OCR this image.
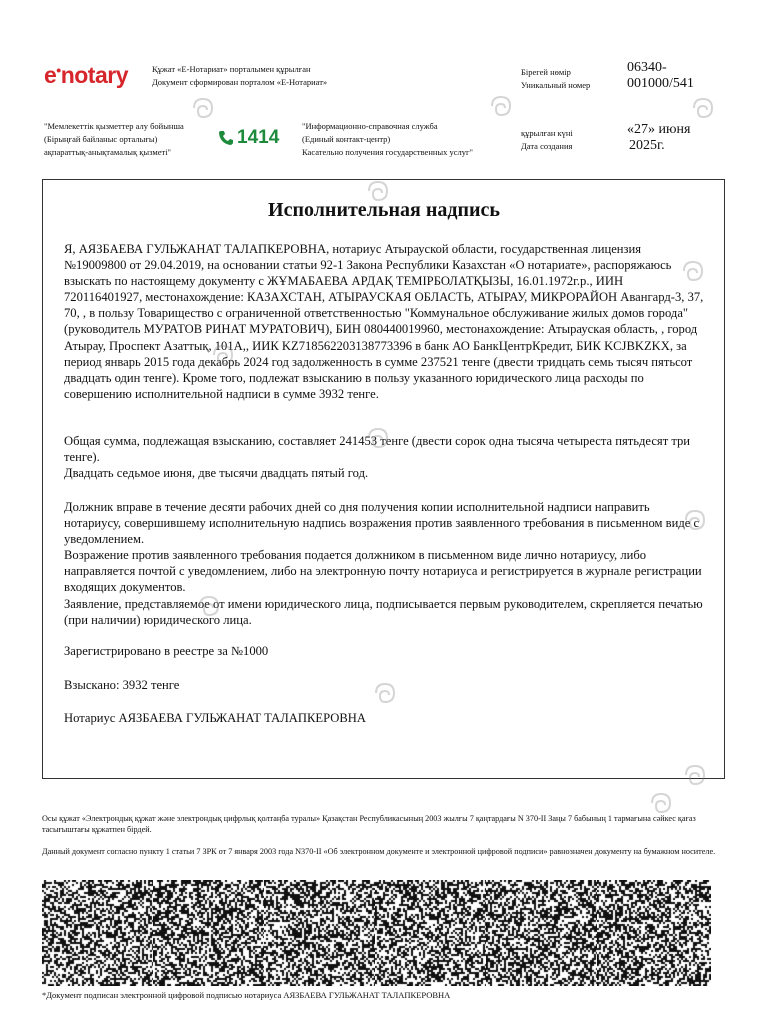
e•notary	Құжат «Е-Нотариат» порталымен құрылған
Документ сформирован порталом «Е-Нотариат»
Бірегей нөмір
Уникальный номер
06340-
001000/541
"Мемлекеттік қызметтер алу бойынша
(Бірыңғай байланыс орталығы)
ақпараттық-анықтамалық қызметі"
1414
"Информационно-справочная служба
(Единый контакт-центр)
Касательно получения государственных услуг"
құрылған күні
Дата создания
«27» июня
2025г.
Исполнительная надпись

Я, АЯЗБАЕВА ГУЛЬЖАНАТ ТАЛАПКЕРОВНА, нотариус Атырауской области, государственная лицензия №19009800 от 29.04.2019, на основании статьи 92-1 Закона Республики Казахстан «О нотариате», распоряжаюсь взыскать по настоящему документу с ЖҰМАБАЕВА АРДАҚ ТЕМІРБОЛАТҚЫЗЫ, 16.01.1972г.р., ИИН 720116401927, местонахождение: КАЗАХСТАН, АТЫРАУСКАЯ ОБЛАСТЬ, АТЫРАУ, МИКРОРАЙОН Авангард-3, 37, 70, , в пользу Товарищество с ограниченной ответственностью "Коммунальное обслуживание жилых домов города" (руководитель МУРАТОВ РИНАТ МУРАТОВИЧ), БИН 080440019960, местонахождение: Атырауская область, , город Атырау, Проспект Азаттық, 101А,, ИИК KZ718562203138773396 в банк АО БанкЦентрКредит, БИК KCJBKZKX, за период январь 2015 года декабрь 2024 год задолженность в сумме 237521 тенге (двести тридцать семь тысяч пятьсот двадцать один тенге). Кроме того, подлежат взысканию в пользу указанного юридического лица расходы по совершению исполнительной надписи в сумме 3932 тенге.

Общая сумма, подлежащая взысканию, составляет 241453 тенге (двести сорок одна тысяча четыреста пятьдесят три тенге).

Двадцать седьмое июня, две тысячи двадцать пятый год.

Должник вправе в течение десяти рабочих дней со дня получения копии исполнительной надписи направить нотариусу, совершившему исполнительную надпись возражения против заявленного требования в письменном виде с уведомлением.

Возражение против заявленного требования подается должником в письменном виде лично нотариусу, либо направляется почтой с уведомлением, либо на электронную почту нотариуса и регистрируется в журнале регистрации входящих документов.

Заявление, представляемое от имени юридического лица, подписывается первым руководителем, скрепляется печатью (при наличии) юридического лица.

Зарегистрировано в реестре за №1000
Взыскано: 3932 тенге
Нотариус АЯЗБАЕВА ГУЛЬЖАНАТ ТАЛАПКЕРОВНА
Осы құжат «Электрондық құжат және электрондық цифрлық қолтаңба туралы» Қазақстан Республикасының 2003 жылғы 7 қаңтардағы N 370-II Заңы 7 бабының 1 тармағына сәйкес қағаз тасығыштағы құжатпен бірдей.
Данный документ согласно пункту 1 статьи 7 ЗРК от 7 января 2003 года N370-II «Об электронном документе и электронной цифровой подписи» равнозначен документу на бумажном носителе.
*Документ подписан электронной цифровой подписью нотариуса АЯЗБАЕВА ГУЛЬЖАНАТ ТАЛАПКЕРОВНА
